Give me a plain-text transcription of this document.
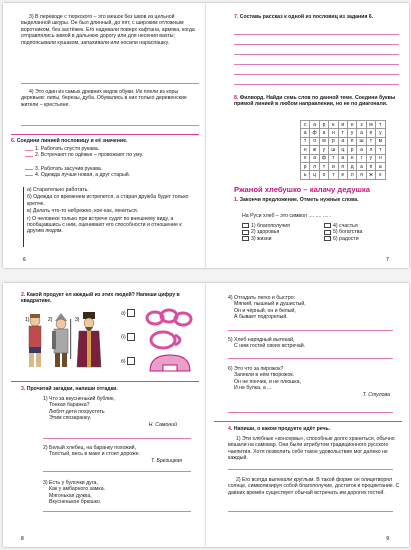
3) В переводе с тюркского – это мешок без швов из цельной выделанной шкуры. Он был длинный, до пят, с широким отложным воротником, без застёжек. Его надевали поверх кафтана, армяка, когда отправлялись зимой в дальнюю дорогу или для несения вахты; подпоясывали кушаком, запахивали или носили нараспашку.
4) Это один из самых древних видов обуви. Их плели из коры деревьев: липы, березы, дуба. Обувались в них только деревенские жители – крестьяне.
6. Соедини линией пословицу и её значение.
1. Работать спустя рукава.
2. Встречают по одёжке – провожают по уму.
3. Работать засучив рукава.
4. Одежда лучше новая, а друг старый.
а) Старательно работать.
б) Одежда со временем истрепется, а старая дружба будет только крепче.
в) Делать что-то небрежно, кое-как, лениться.
г) О человеке только при встрече судят по внешнему виду, а пообщавшись с ним, оценивают его способности и отношение к другим людям.
6
7. Составь рассказ к одной из пословиц из задания 6.
8. Филворд. Найди семь слов по данной теме. Соедини буквы прямой линией в любом направлении, но не по диагонали.
с	а	р	к	и	н	з	м	т
а	ф	а	н	т	у	а	е	у
т	о	м	р	а	п	ш	т	м
н	ж	у	ш	ц	р	а	л	т
к	а	ф	т	а	н	г	у	н
р	л	т	и	п	д	а	п	а
ь	ц	о	т	е	л	я	ж	к
Ржаной хлебушко – калачу дедушка
1. Закончи предложение. Отметь нужные слова.
На Руси хлеб – это символ .... .... .... .
1) благополучия
2) здоровья
3) жизни
4) счастья
5) богатства
6) радости
7
2. Какой продукт ел каждый из этих людей? Напиши цифру в квадратике.
1)	2)	3)
а)
б)
в)
3. Прочитай загадки, напиши отгадки.
1) Что за вкусненький бублик,
Тонкая баранка?
Любят дети похрустеть
Этим спозаранку.
Н. Самоний
2) Белый хлебец, на баранку похожий,
Толстый, весь в маке и стоит дороже.
Т. Брезицкая
3) Есть у булочки дуга,
Как у амбарного замка.
Мягонькая дужка,
Вкусненькое брюшко.
8
4) Отгадать легко и быстро:
Мягкий, пышный и душистый,
Он и чёрный, он и белый,
А бывает подгорелый.
5) Хлеб нарядный вытекай,
С ним гостей своих встречай.
6) Это что за пирожок?
Запекли в нём творожок.
Он не пончик, и не плюшка,
И не булка, а ...
Т. Стулова
4. Напиши, о каком продукте идёт речь.
1) Эти хлебные «консервы», способные долго храниться, обычно вешали на самовар. Они были атрибутом традиционного русского чаепития. Хотя позволить себе такое удовольствие мог далеко не каждый.
2) Его всегда выпекали круглым. В такой форме он олицетворял солнце, символизируя собой благополучие, достаток и процветание. С давних времён существует обычай встречать им дорогих гостей.
9
